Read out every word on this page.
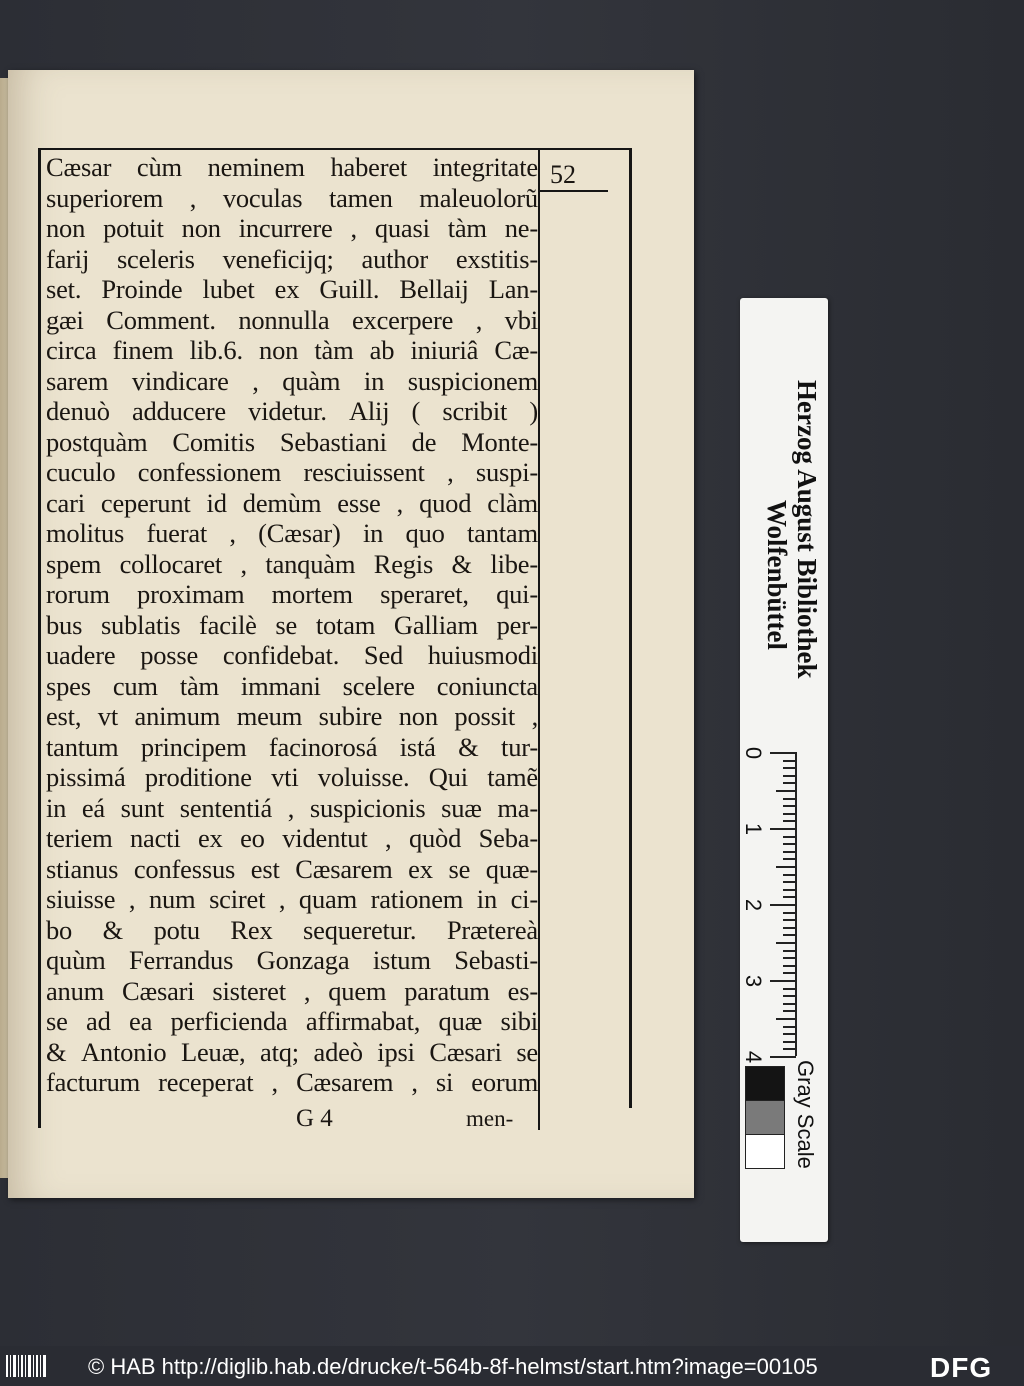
52
Cæsar cùm neminem haberet integritate
superiorem , voculas tamen maleuolorũ
non potuit non incurrere , quasi tàm ne-
farij sceleris veneficijq; author exstitis-
set. Proinde lubet ex Guill. Bellaij Lan-
gæi Comment. nonnulla excerpere , vbi
circa finem lib.6. non tàm ab iniuriâ Cæ-
sarem vindicare , quàm in suspicionem
denuò adducere videtur. Alij ( scribit )
postquàm Comitis Sebastiani de Monte-
cuculo confessionem resciuissent , suspi-
cari ceperunt id demùm esse , quod clàm
molitus fuerat , (Cæsar) in quo tantam
spem collocaret , tanquàm Regis & libe-
rorum proximam mortem speraret, qui-
bus sublatis facilè se totam Galliam per-
uadere posse confidebat. Sed huiusmodi
spes cum tàm immani scelere coniuncta
est, vt animum meum subire non possit ,
tantum principem facinorosá istá & tur-
pissimá proditione vti voluisse. Qui tamẽ
in eá sunt sententiá , suspicionis suæ ma-
teriem nacti ex eo videntut , quòd Seba-
stianus confessus est Cæsarem ex se quæ-
siuisse , num sciret , quam rationem in ci-
bo & potu Rex sequeretur. Prætereà
quùm Ferrandus Gonzaga istum Sebasti-
anum Cæsari sisteret , quem paratum es-
se ad ea perficienda affirmabat, quæ sibi
& Antonio Leuæ, atq; adeò ipsi Cæsari se
facturum receperat , Cæsarem , si eorum
G 4	men-
Herzog August Bibliothek
Wolfenbüttel
0
1
2
3
4
Gray Scale
© HAB http://diglib.hab.de/drucke/t-564b-8f-helmst/start.htm?image=00105	DFG
